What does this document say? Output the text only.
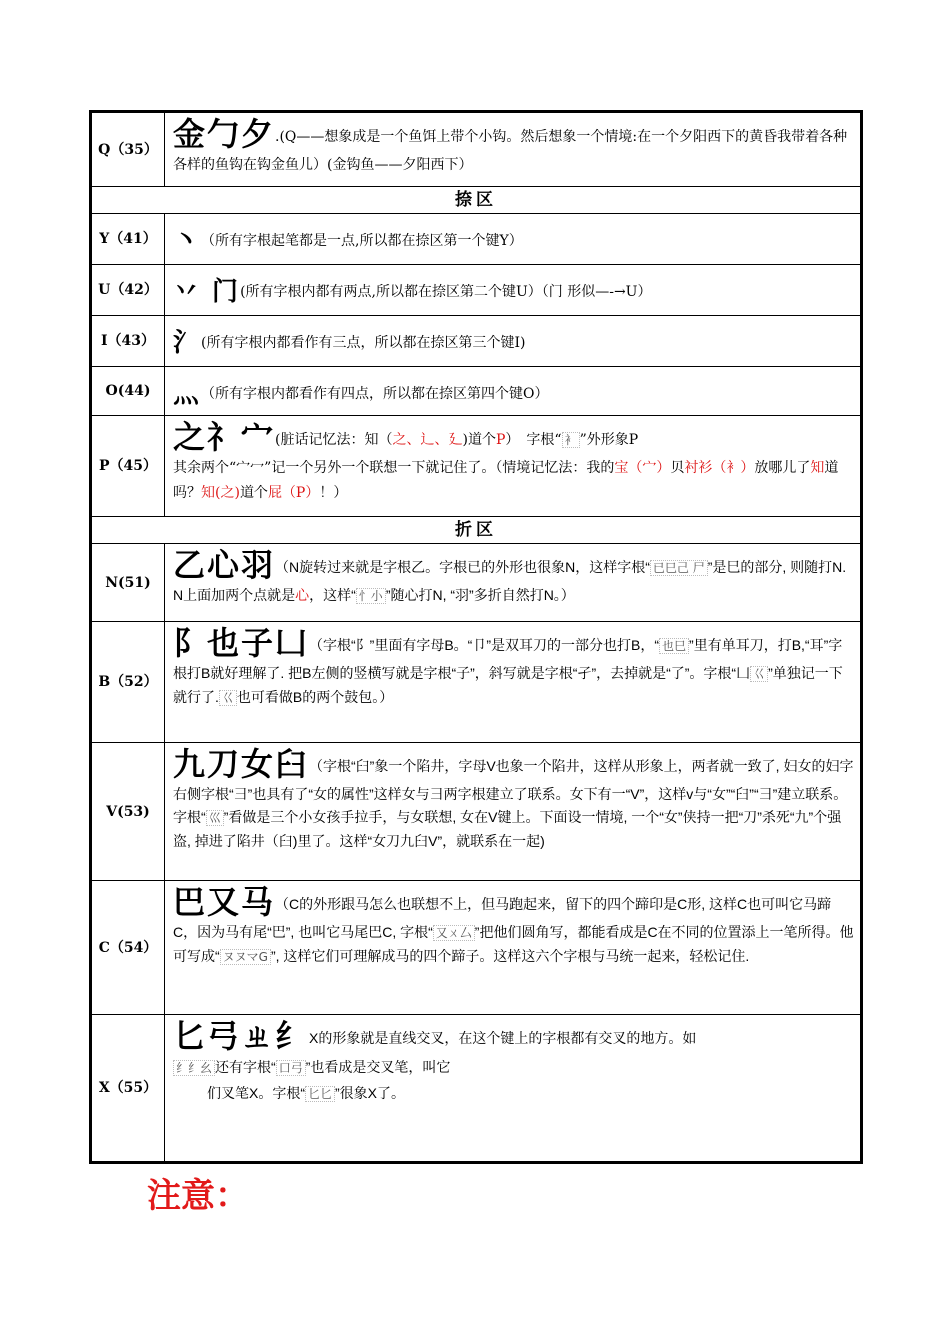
Q（35） 金勹夕.(Q——想象成是一个鱼饵上带个小钩。然后想象一个情境:在一个夕阳西下的黄昏我带着各种各样的鱼钩在钩金鱼儿）(金钩鱼——夕阳西下）
捺区
Y（41） 丶（所有字根起笔都是一点,所以都在捺区第一个键Y）
U（42） 丷 门(所有字根内都有两点,所以都在捺区第二个键U）（门 形似—-→U）
I（43） 氵(所有字根内都看作有三点，所以都在捺区第三个键I)
O(44) 灬（所有字根内都看作有四点，所以都在捺区第四个键O）
P（45）
之礻宀(脏话记忆法：知（之、辶、廴)道个P）　字根“ 衤 ”外形象P
其余两个“宀冖”记一个另外一个联想一下就记住了。（情境记忆法：我的宝（宀）贝衬衫（衤）放哪儿了知道吗？知(之)道个屁（P）！）
折区
N(51) 乙心羽（N旋转过来就是字根乙。字根已的外形也很象N，这样字根“ 已巳己 尸 ”是巳的部分, 则随打N. N上面加两个点就是心，这样“ 忄小 ”随心打N, “羽”多折自然打N。）
B（52）
阝也子凵（字根“阝”里面有字母B。“卩”是双耳刀的一部分也打B，“ 也巳 ”里有单耳刀，打B,“耳”字根打B就好理解了. 把B左侧的竖横写就是字根“子”，斜写就是字根“孑”，去掉就是“了”。字根“凵 巜 ”单独记一下就行了. 巜 也可看做B的两个鼓包。）
V(53)
九刀女臼（字根“臼”象一个陷井，字母V也象一个陷井，这样从形象上，两者就一致了, 妇女的妇字右侧字根“彐”也具有了“女的属性”这样女与彐两字根建立了联系。女下有一“V”，这样v与“女”“臼”“彐”建立联系。字根“ 巛 ”看做是三个小女孩手拉手，与女联想, 女在V键上。下面设一情境, 一个“女”侠持一把“刀”杀死“九”个强盗, 掉进了陷井（臼)里了。这样“女刀九臼V”，就联系在一起)
C（54）
巴又马（C的外形跟马怎么也联想不上，但马跑起来，留下的四个蹄印是C形, 这样C也可叫它马蹄C，因为马有尾“巴”, 也叫它马尾巴C, 字根“ 又ㄨ厶 ”把他们圆角写，都能看成是C在不同的位置添上一笔所得。他可写成“ ヌヌマG ”, 这样它们可理解成马的四个蹄子。这样这六个字根与马统一起来，轻松记住.
X（55）
匕弓ㄓ纟X的形象就是直线交叉，在这个键上的字根都有交叉的地方。如
纟纟幺 还有字根“ 口弓 ”也看成是交叉笔，叫它
们叉笔X。字根“ 匕匕 ”很象X了。
注意：
